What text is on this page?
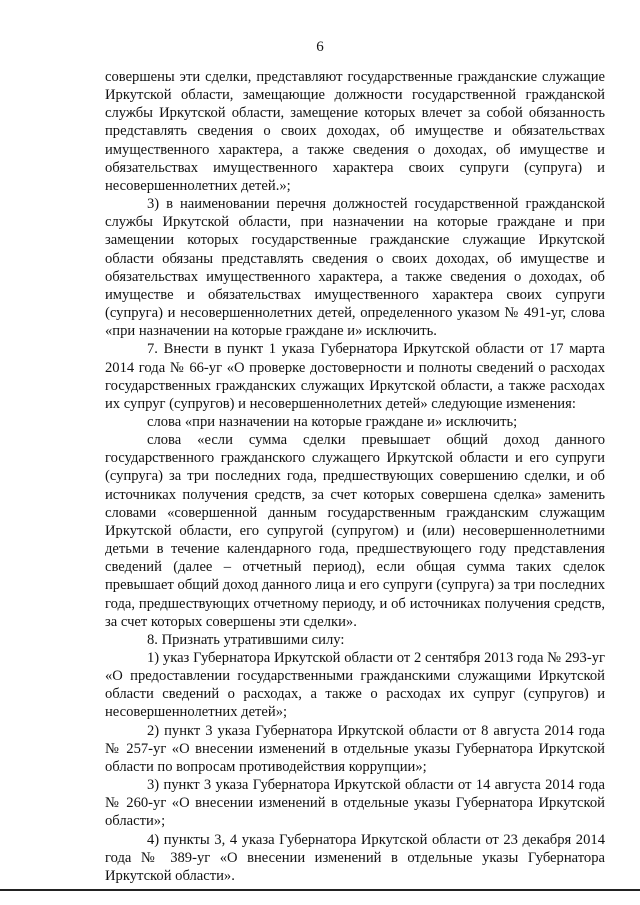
6

совершены эти сделки, представляют государственные гражданские служащие Иркутской области, замещающие должности государственной гражданской службы Иркутской области, замещение которых влечет за собой обязанность представлять сведения о своих доходах, об имуществе и обязательствах имущественного характера, а также сведения о доходах, об имуществе и обязательствах имущественного характера своих супруги (супруга) и несовершеннолетних детей.»;

3) в наименовании перечня должностей государственной гражданской службы Иркутской области, при назначении на которые граждане и при замещении которых государственные гражданские служащие Иркутской области обязаны представлять сведения о своих доходах, об имуществе и обязательствах имущественного характера, а также сведения о доходах, об имуществе и обязательствах имущественного характера своих супруги (супруга) и несовершеннолетних детей, определенного указом № 491-уг, слова «при назначении на которые граждане и» исключить.

7. Внести в пункт 1 указа Губернатора Иркутской области от 17 марта 2014 года № 66-уг «О проверке достоверности и полноты сведений о расходах государственных гражданских служащих Иркутской области, а также расходах их супруг (супругов) и несовершеннолетних детей» следующие изменения:

слова «при назначении на которые граждане и» исключить;

слова «если сумма сделки превышает общий доход данного государственного гражданского служащего Иркутской области и его супруги (супруга) за три последних года, предшествующих совершению сделки, и об источниках получения средств, за счет которых совершена сделка» заменить словами «совершенной данным государственным гражданским служащим Иркутской области, его супругой (супругом) и (или) несовершеннолетними детьми в течение календарного года, предшествующего году представления сведений (далее – отчетный период), если общая сумма таких сделок превышает общий доход данного лица и его супруги (супруга) за три последних года, предшествующих отчетному периоду, и об источниках получения средств, за счет которых совершены эти сделки».

8. Признать утратившими силу:

1) указ Губернатора Иркутской области от 2 сентября 2013 года № 293-уг «О предоставлении государственными гражданскими служащими Иркутской области сведений о расходах, а также о расходах их супруг (супругов) и несовершеннолетних детей»;

2) пункт 3 указа Губернатора Иркутской области от 8 августа 2014 года № 257-уг «О внесении изменений в отдельные указы Губернатора Иркутской области по вопросам противодействия коррупции»;

3) пункт 3 указа Губернатора Иркутской области от 14 августа 2014 года № 260-уг «О внесении изменений в отдельные указы Губернатора Иркутской области»;

4) пункты 3, 4 указа Губернатора Иркутской области от 23 декабря 2014 года № 389-уг «О внесении изменений в отдельные указы Губернатора Иркутской области».
